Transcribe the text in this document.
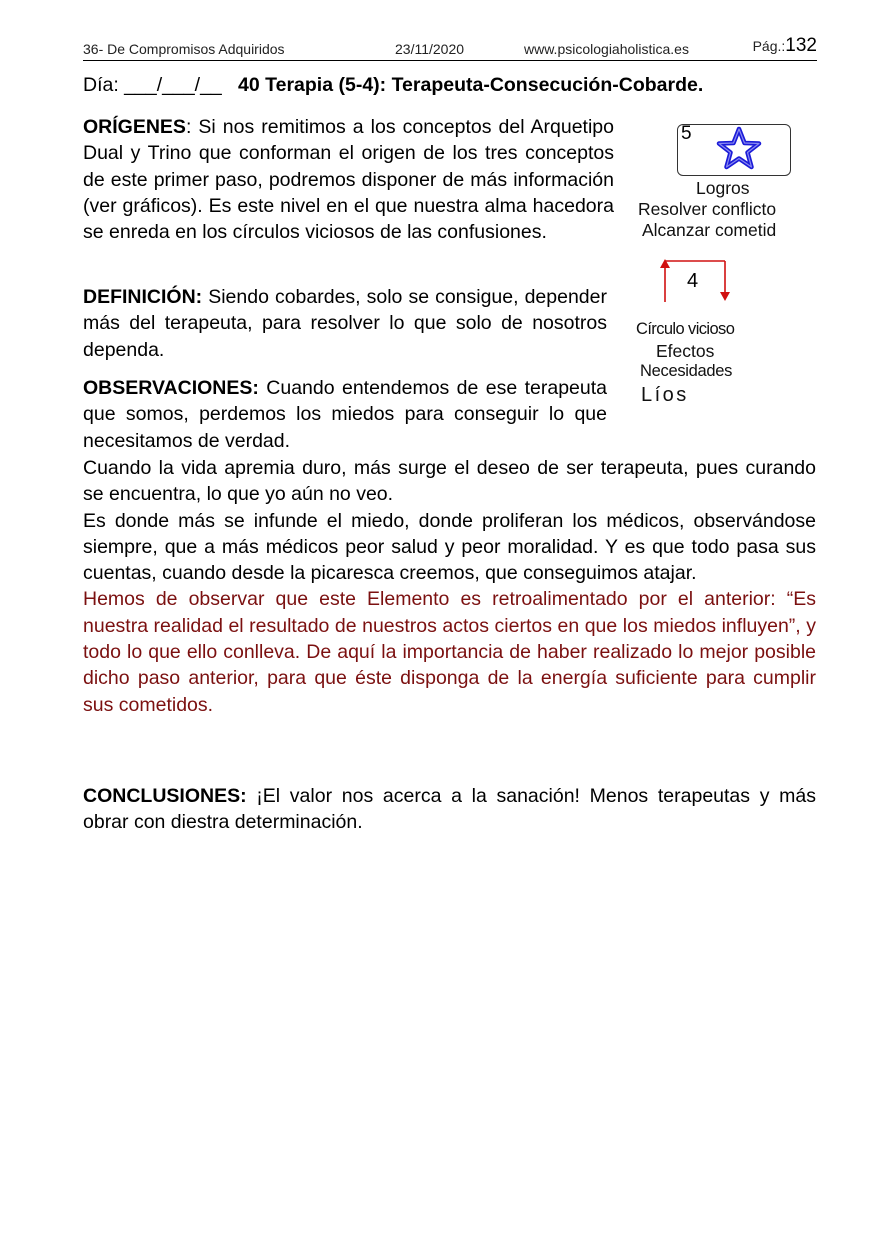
36- De Compromisos Adquiridos	23/11/2020	www.psicologiaholistica.es	Pág.:132
Día: ___/___/__ 40 Terapia (5-4): Terapeuta-Consecución-Cobarde.

ORÍGENES: Si nos remitimos a los conceptos del Arquetipo Dual y Trino que conforman el origen de los tres conceptos de este primer paso, podremos disponer de más información (ver gráficos). Es este nivel en el que nuestra alma hacedora se enreda en los círculos viciosos de las confusiones.

DEFINICIÓN: Siendo cobardes, solo se consigue, depender más del terapeuta, para resolver lo que solo de nosotros dependa.

OBSERVACIONES: Cuando entendemos de ese terapeuta que somos, perdemos los miedos para conseguir lo que necesitamos de verdad.

Cuando la vida apremia duro, más surge el deseo de ser terapeuta, pues curando se encuentra, lo que yo aún no veo.

Es donde más se infunde el miedo, donde proliferan los médicos, observándose siempre, que a más médicos peor salud y peor moralidad. Y es que todo pasa sus cuentas, cuando desde la picaresca creemos, que conseguimos atajar.

Hemos de observar que este Elemento es retroalimentado por el anterior: “Es nuestra realidad el resultado de nuestros actos ciertos en que los miedos influyen”, y todo lo que ello conlleva. De aquí la importancia de haber realizado lo mejor posible dicho paso anterior, para que éste disponga de la energía suficiente para cumplir sus cometidos.

CONCLUSIONES: ¡El valor nos acerca a la sanación! Menos terapeutas y más obrar con diestra determinación.

5
Logros
Resolver conflicto
Alcanzar cometid
4
Círculo vicioso
Efectos
Necesidades
Líos
